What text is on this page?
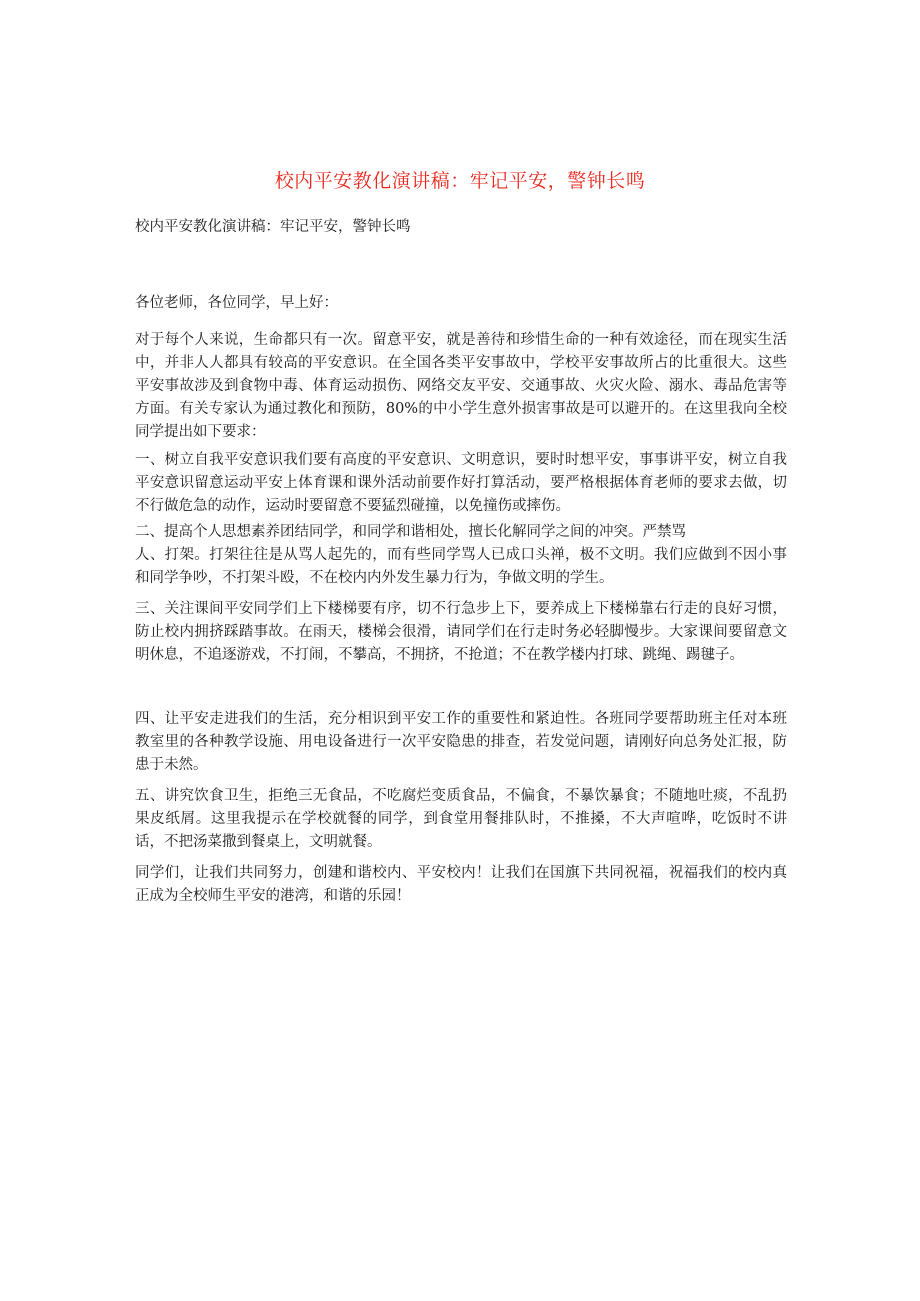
校内平安教化演讲稿：牢记平安，警钟长鸣

校内平安教化演讲稿：牢记平安，警钟长鸣

各位老师，各位同学，早上好：

对于每个人来说，生命都只有一次。留意平安，就是善待和珍惜生命的一种有效途径，而在现实生活中，并非人人都具有较高的平安意识。在全国各类平安事故中，学校平安事故所占的比重很大。这些平安事故涉及到食物中毒、体育运动损伤、网络交友平安、交通事故、火灾火险、溺水、毒品危害等方面。有关专家认为通过教化和预防，80%的中小学生意外损害事故是可以避开的。在这里我向全校同学提出如下要求：

一、树立自我平安意识我们要有高度的平安意识、文明意识，要时时想平安，事事讲平安，树立自我平安意识留意运动平安上体育课和课外活动前要作好打算活动，要严格根据体育老师的要求去做，切不行做危急的动作，运动时要留意不要猛烈碰撞，以免撞伤或摔伤。

二、提高个人思想素养团结同学，和同学和谐相处，擅长化解同学之间的冲突。严禁骂
人、打架。打架往往是从骂人起先的，而有些同学骂人已成口头禅，极不文明。我们应做到不因小事和同学争吵，不打架斗殴，不在校内内外发生暴力行为，争做文明的学生。

三、关注课间平安同学们上下楼梯要有序，切不行急步上下，要养成上下楼梯靠右行走的良好习惯，防止校内拥挤踩踏事故。在雨天，楼梯会很滑，请同学们在行走时务必轻脚慢步。大家课间要留意文明休息，不追逐游戏，不打闹，不攀高，不拥挤，不抢道；不在教学楼内打球、跳绳、踢毽子。

四、让平安走进我们的生活，充分相识到平安工作的重要性和紧迫性。各班同学要帮助班主任对本班教室里的各种教学设施、用电设备进行一次平安隐患的排查，若发觉问题，请刚好向总务处汇报，防患于未然。

五、讲究饮食卫生，拒绝三无食品，不吃腐烂变质食品，不偏食，不暴饮暴食；不随地吐痰，不乱扔果皮纸屑。这里我提示在学校就餐的同学，到食堂用餐排队时，不推搡，不大声喧哗，吃饭时不讲话，不把汤菜撒到餐桌上，文明就餐。

同学们，让我们共同努力，创建和谐校内、平安校内！让我们在国旗下共同祝福，祝福我们的校内真正成为全校师生平安的港湾，和谐的乐园！
